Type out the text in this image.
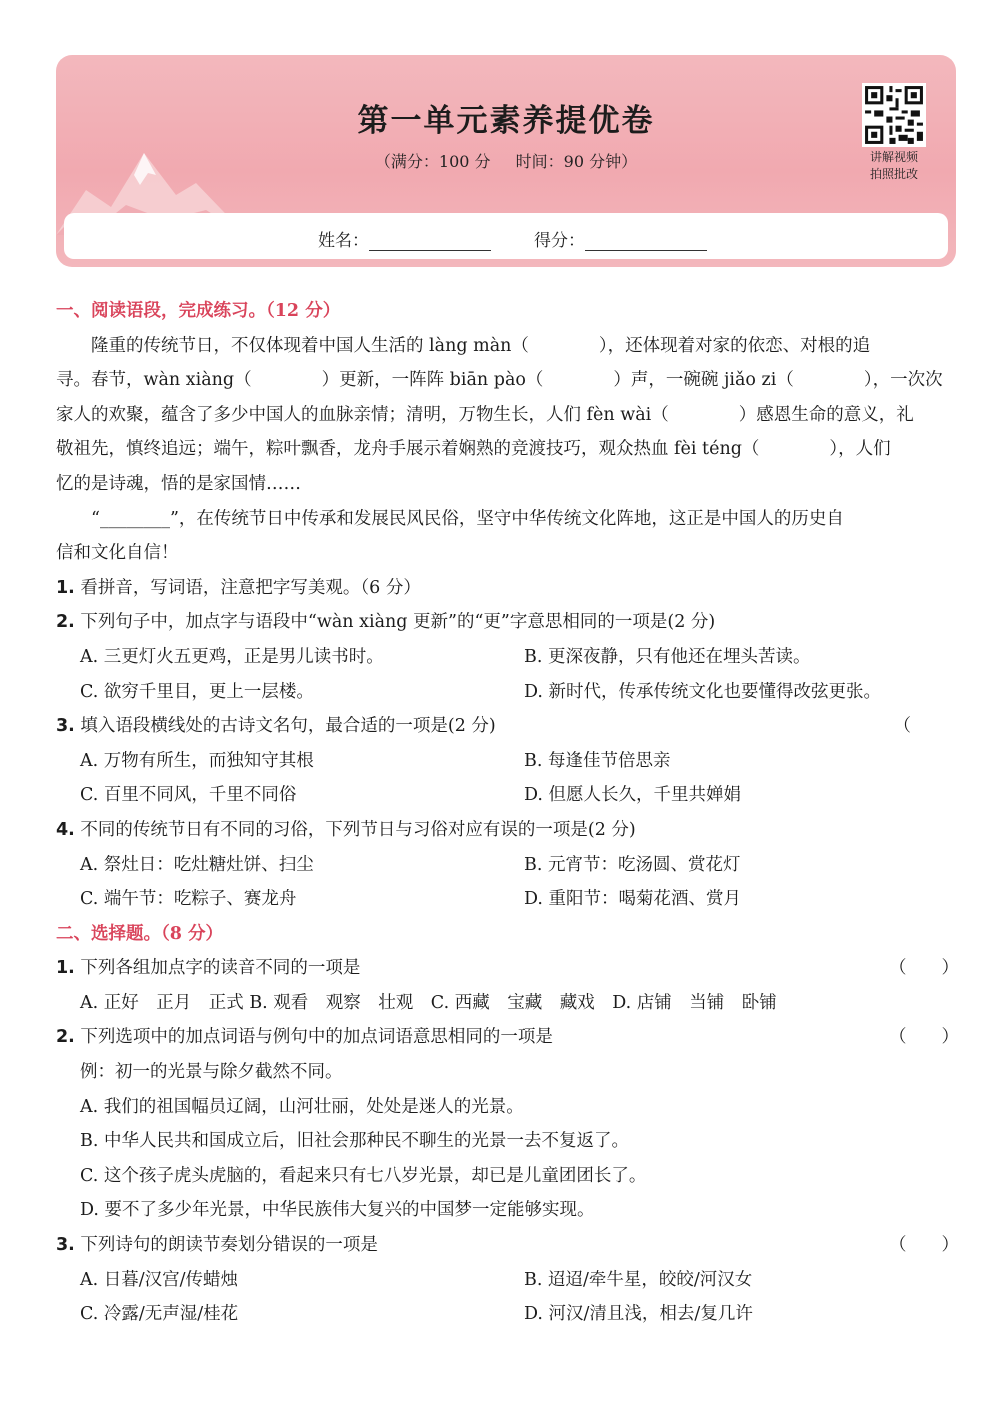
第一单元素养提优卷
（满分：100 分 时间：90 分钟）	讲解视频
拍照批改
姓名：	得分：
一、阅读语段，完成练习。（12 分）
隆重的传统节日，不仅体现着中国人生活的 làng màn（　　　　），还体现着对家的依恋、对根的追
寻。春节，wàn xiàng（　　　　）更新，一阵阵 biān pào（　　　　）声，一碗碗 jiǎo zi（　　　　），一次次
家人的欢聚，蕴含了多少中国人的血脉亲情；清明，万物生长，人们 fèn wài（　　　　）感恩生命的意义，礼
敬祖先，慎终追远；端午，粽叶飘香，龙舟手展示着娴熟的竞渡技巧，观众热血 fèi téng（　　　　），人们
忆的是诗魂，悟的是家国情……
“________”，在传统节日中传承和发展民风民俗，坚守中华传统文化阵地，这正是中国人的历史自
信和文化自信！
1. 看拼音，写词语，注意把字写美观。（6 分）
2. 下列句子中，加点字与语段中“wàn xiàng 更新”的“更”字意思相同的一项是(2 分)
A. 三更灯火五更鸡，正是男儿读书时。	B. 更深夜静，只有他还在埋头苦读。
C. 欲穷千里目，更上一层楼。	D. 新时代，传承传统文化也要懂得改弦更张。
3. 填入语段横线处的古诗文名句，最合适的一项是(2 分)	（
A. 万物有所生，而独知守其根	B. 每逢佳节倍思亲
C. 百里不同风，千里不同俗	D. 但愿人长久，千里共婵娟
4. 不同的传统节日有不同的习俗，下列节日与习俗对应有误的一项是(2 分)
A. 祭灶日：吃灶糖灶饼、扫尘	B. 元宵节：吃汤圆、赏花灯
C. 端午节：吃粽子、赛龙舟	D. 重阳节：喝菊花酒、赏月
二、选择题。（8 分）
1. 下列各组加点字的读音不同的一项是	（　　）
A. 正好　正月　正式 B. 观看　观察　壮观　C. 西藏　宝藏　藏戏　D. 店铺　当铺　卧铺
2. 下列选项中的加点词语与例句中的加点词语意思相同的一项是	（　　）
例：初一的光景与除夕截然不同。
A. 我们的祖国幅员辽阔，山河壮丽，处处是迷人的光景。
B. 中华人民共和国成立后，旧社会那种民不聊生的光景一去不复返了。
C. 这个孩子虎头虎脑的，看起来只有七八岁光景，却已是儿童团团长了。
D. 要不了多少年光景，中华民族伟大复兴的中国梦一定能够实现。
3. 下列诗句的朗读节奏划分错误的一项是	（　　）
A. 日暮/汉宫/传蜡烛	B. 迢迢/牵牛星，皎皎/河汉女
C. 冷露/无声湿/桂花	D. 河汉/清且浅，相去/复几许
